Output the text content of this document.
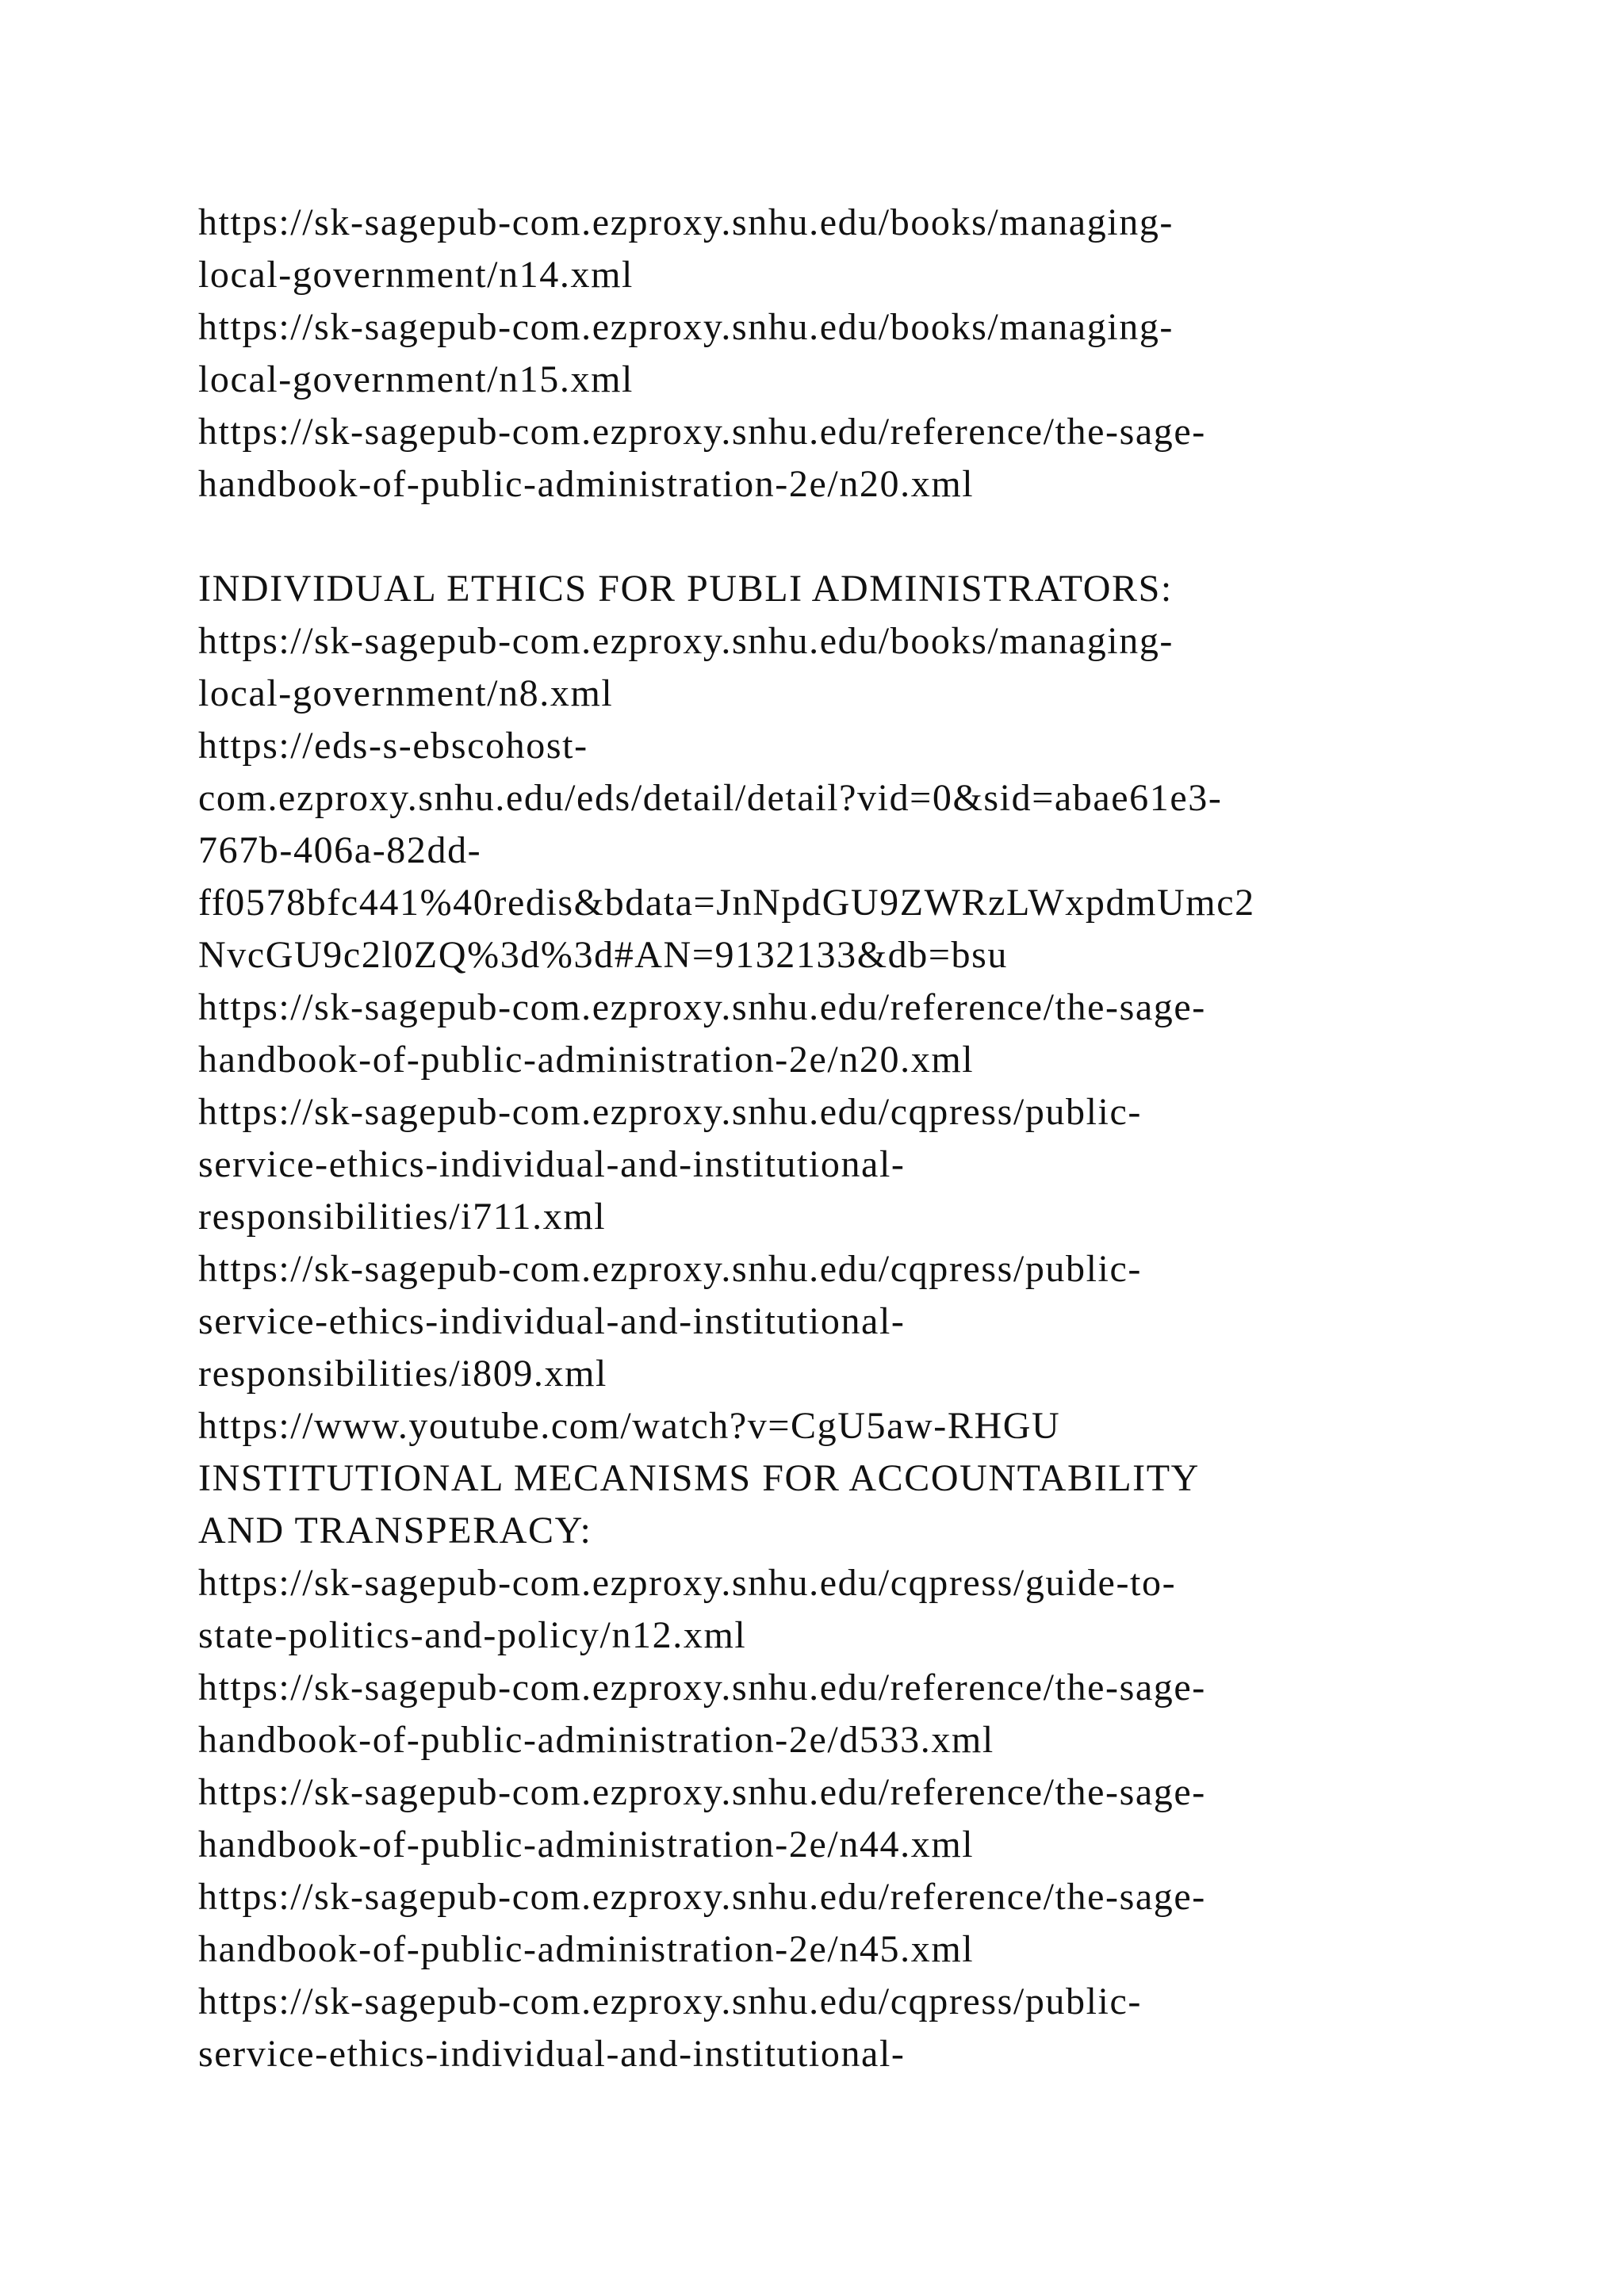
https://sk-sagepub-com.ezproxy.snhu.edu/books/managing-
local-government/n14.xml
https://sk-sagepub-com.ezproxy.snhu.edu/books/managing-
local-government/n15.xml
https://sk-sagepub-com.ezproxy.snhu.edu/reference/the-sage-
handbook-of-public-administration-2e/n20.xml
INDIVIDUAL ETHICS FOR PUBLI ADMINISTRATORS:
https://sk-sagepub-com.ezproxy.snhu.edu/books/managing-
local-government/n8.xml
https://eds-s-ebscohost-
com.ezproxy.snhu.edu/eds/detail/detail?vid=0&sid=abae61e3-
767b-406a-82dd-
ff0578bfc441%40redis&bdata=JnNpdGU9ZWRzLWxpdmUmc2
NvcGU9c2l0ZQ%3d%3d#AN=9132133&db=bsu
https://sk-sagepub-com.ezproxy.snhu.edu/reference/the-sage-
handbook-of-public-administration-2e/n20.xml
https://sk-sagepub-com.ezproxy.snhu.edu/cqpress/public-
service-ethics-individual-and-institutional-
responsibilities/i711.xml
https://sk-sagepub-com.ezproxy.snhu.edu/cqpress/public-
service-ethics-individual-and-institutional-
responsibilities/i809.xml
https://www.youtube.com/watch?v=CgU5aw-RHGU
INSTITUTIONAL MECANISMS FOR ACCOUNTABILITY
AND TRANSPERACY:
https://sk-sagepub-com.ezproxy.snhu.edu/cqpress/guide-to-
state-politics-and-policy/n12.xml
https://sk-sagepub-com.ezproxy.snhu.edu/reference/the-sage-
handbook-of-public-administration-2e/d533.xml
https://sk-sagepub-com.ezproxy.snhu.edu/reference/the-sage-
handbook-of-public-administration-2e/n44.xml
https://sk-sagepub-com.ezproxy.snhu.edu/reference/the-sage-
handbook-of-public-administration-2e/n45.xml
https://sk-sagepub-com.ezproxy.snhu.edu/cqpress/public-
service-ethics-individual-and-institutional-
